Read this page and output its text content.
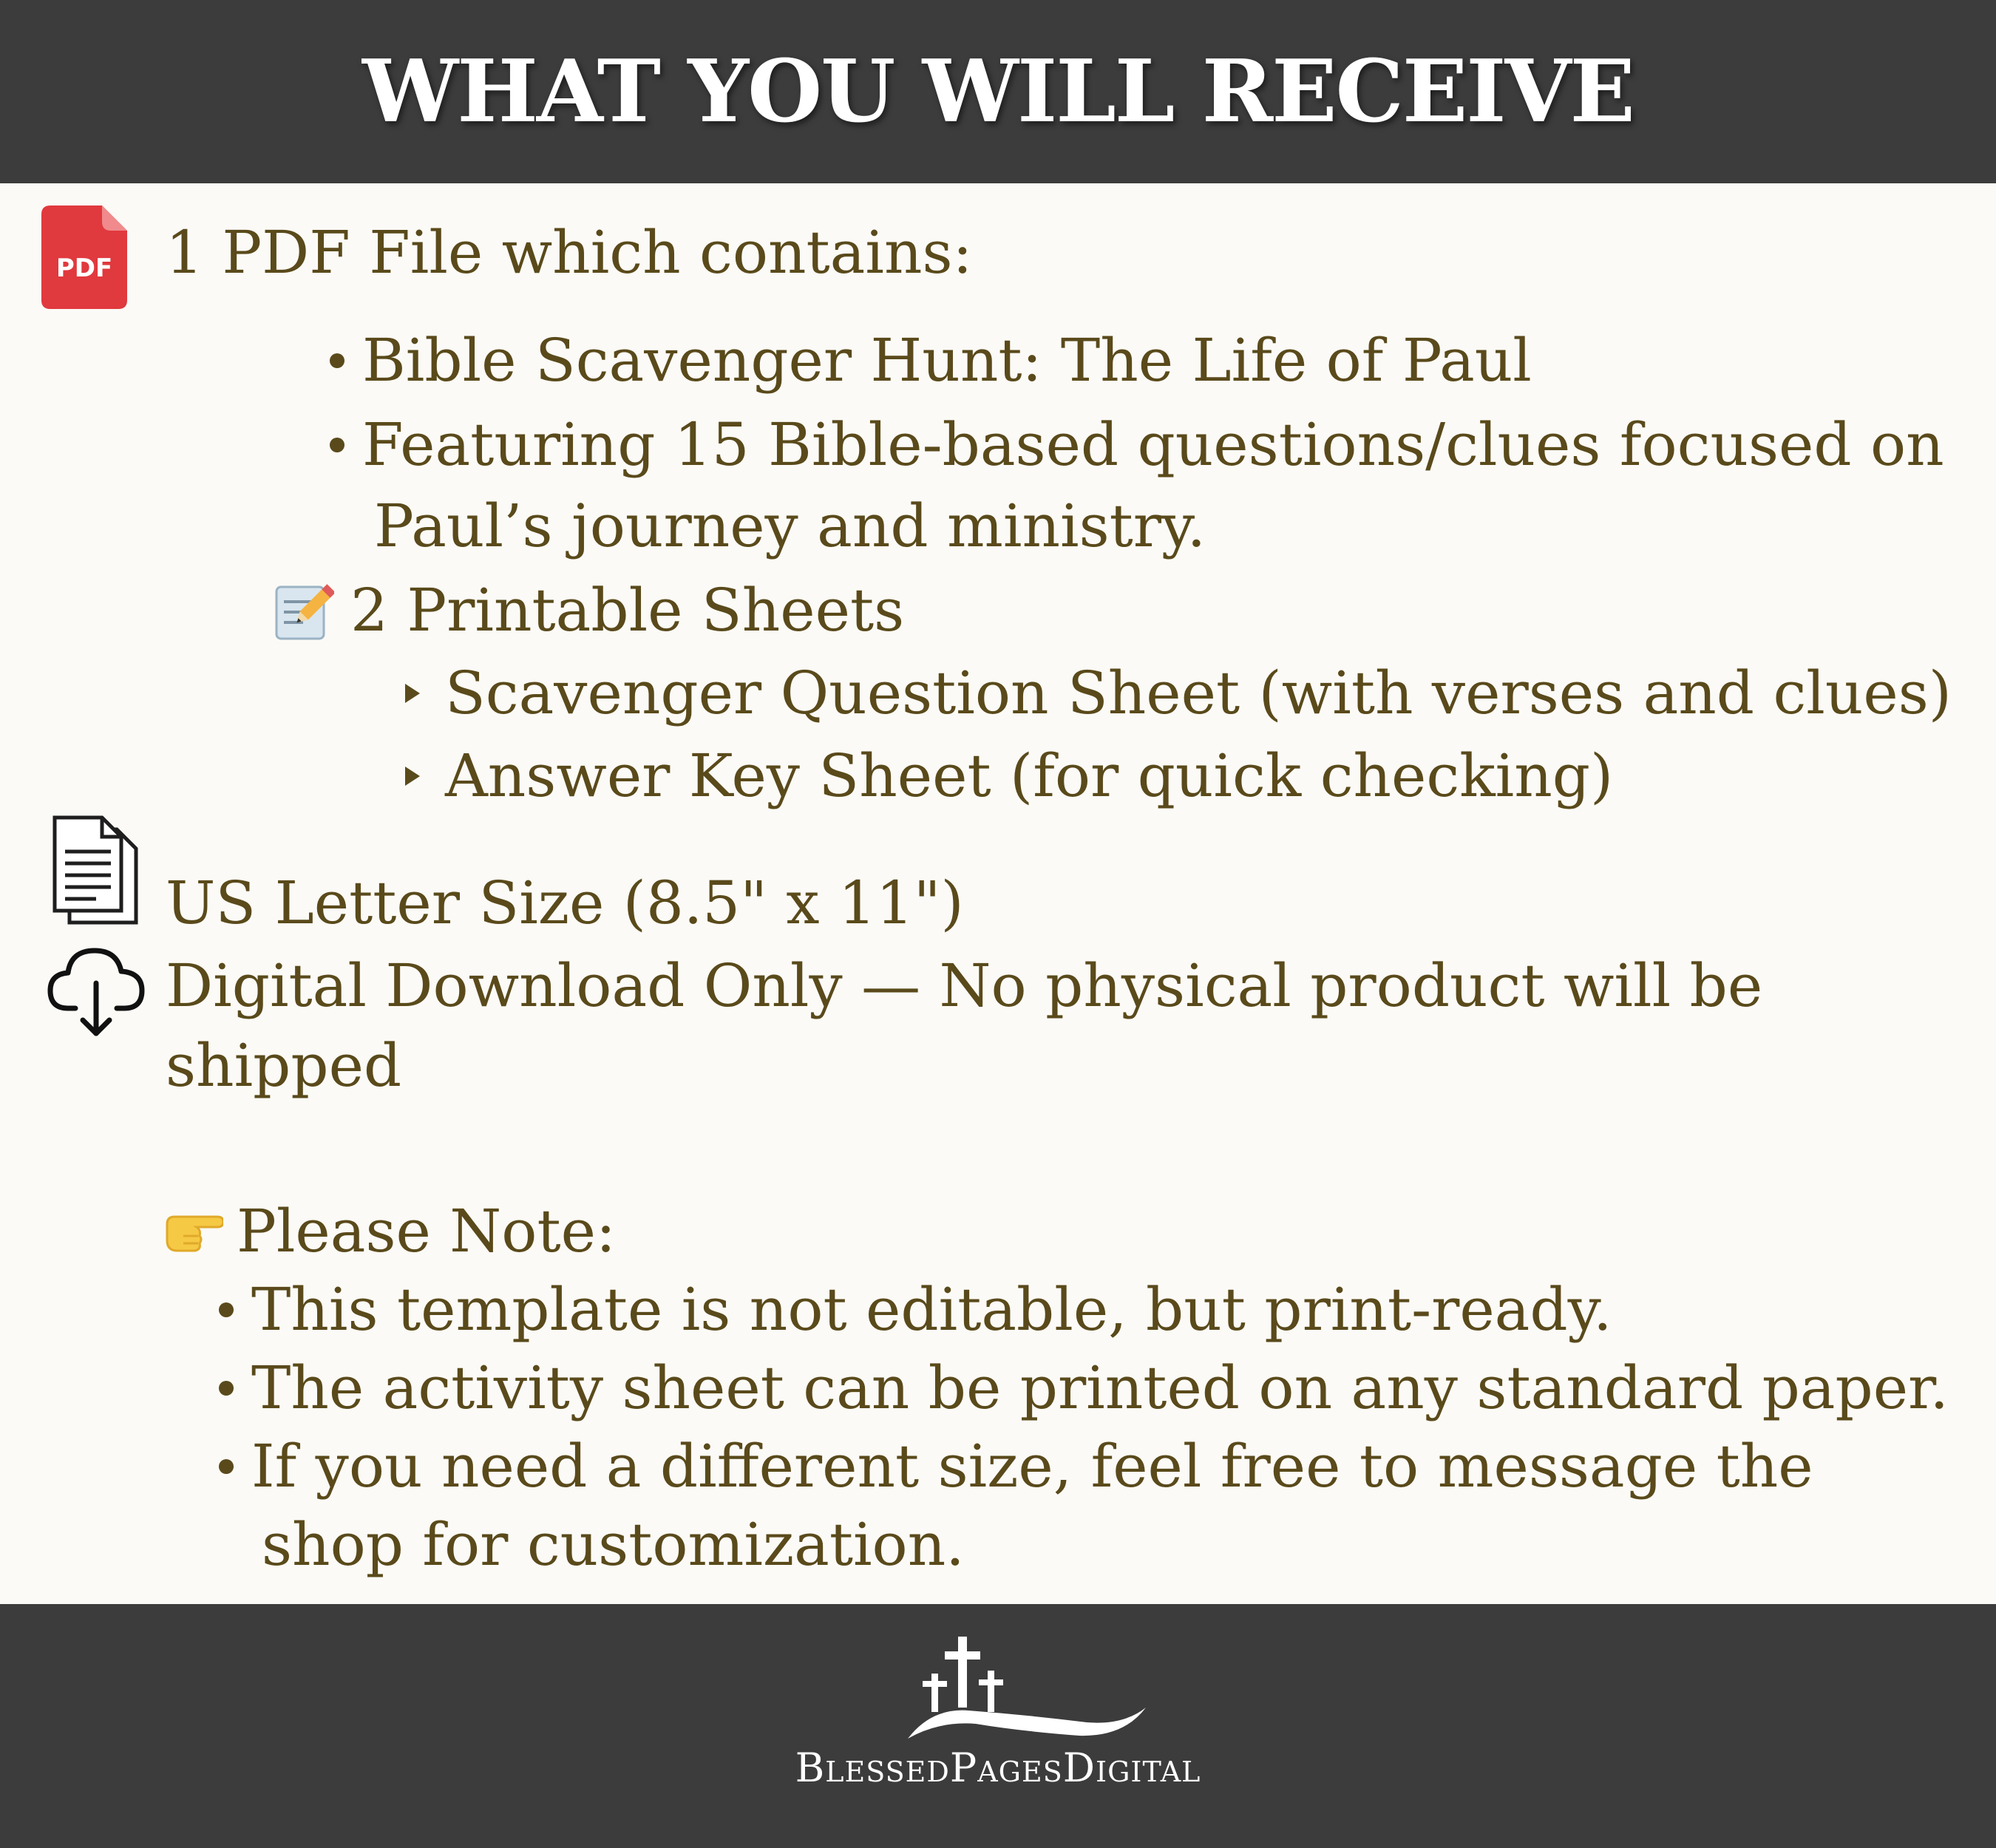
WHAT YOU WILL RECEIVE
PDF 1 PDF File which contains:
Bible Scavenger Hunt: The Life of Paul
Featuring 15 Bible-based questions/clues focused on
Paul’s journey and ministry.
2 Printable Sheets
Scavenger Question Sheet (with verses and clues)
Answer Key Sheet (for quick checking)
US Letter Size (8.5" x 11")
Digital Download Only — No physical product will be
shipped
Please Note:
This template is not editable, but print-ready.
The activity sheet can be printed on any standard paper.
If you need a different size, feel free to message the
shop for customization.
BlessedPagesDigital
